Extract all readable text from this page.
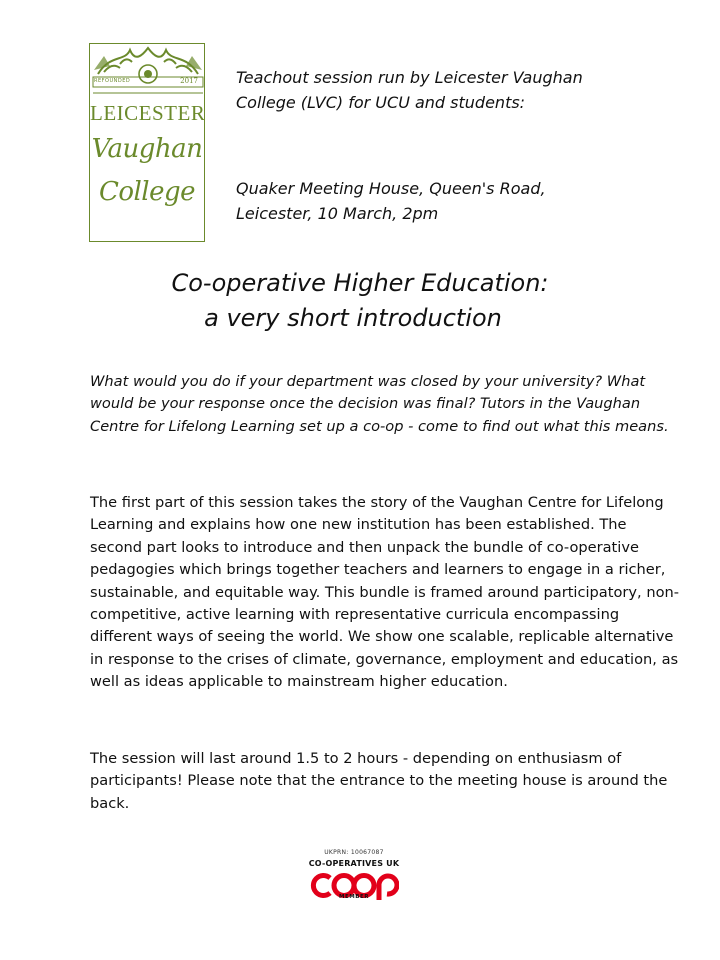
REFOUNDED	2017
LEICESTER
Vaughan
College
Teachout session run by Leicester Vaughan
College (LVC) for UCU and students:
Quaker Meeting House, Queen's Road,
Leicester, 10 March, 2pm
Co-operative Higher Education:
a very short introduction
What would you do if your department was closed by your university? What would be your response once the decision was final? Tutors in the Vaughan Centre for Lifelong Learning set up a co-op - come to find out what this means.
The first part of this session takes the story of the Vaughan Centre for Lifelong Learning and explains how one new institution has been established. The second part looks to introduce and then unpack the bundle of co-operative pedagogies which brings together teachers and learners to engage in a richer, sustainable, and equitable way. This bundle is framed around participatory, non-competitive, active learning with representative curricula encompassing different ways of seeing the world. We show one scalable, replicable alternative in response to the crises of climate, governance, employment and education, as well as ideas applicable to mainstream higher education.
The session will last around 1.5 to 2 hours - depending on enthusiasm of participants! Please note that the entrance to the meeting house is around the back.
UKPRN: 10067087
CO-OPERATIVES UK
MEMBER
